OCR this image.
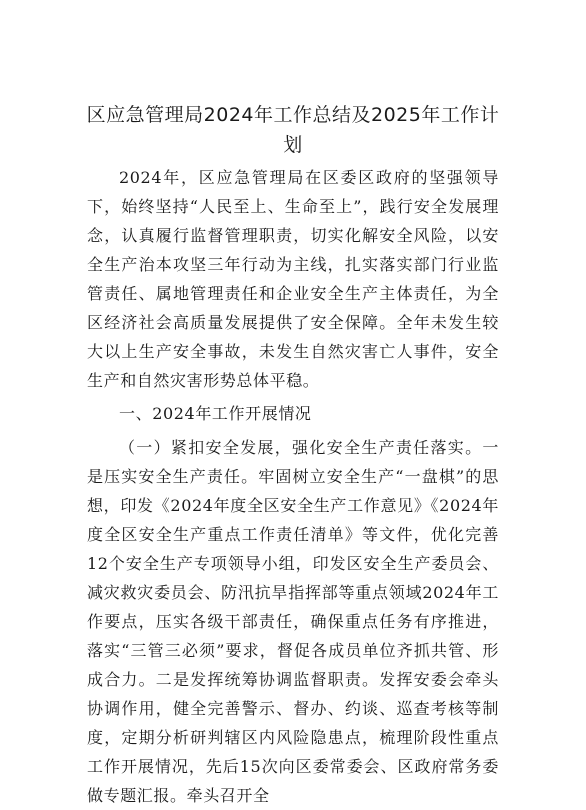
区应急管理局2024年工作总结及2025年工作计划

2024年，区应急管理局在区委区政府的坚强领导下，始终坚持“人民至上、生命至上”，践行安全发展理念，认真履行监督管理职责，切实化解安全风险，以安全生产治本攻坚三年行动为主线，扎实落实部门行业监管责任、属地管理责任和企业安全生产主体责任，为全区经济社会高质量发展提供了安全保障。全年未发生较大以上生产安全事故，未发生自然灾害亡人事件，安全生产和自然灾害形势总体平稳。

一、2024年工作开展情况

（一）紧扣安全发展，强化安全生产责任落实。一是压实安全生产责任。牢固树立安全生产“一盘棋”的思想，印发《2024年度全区安全生产工作意见》《2024年度全区安全生产重点工作责任清单》等文件，优化完善12个安全生产专项领导小组，印发区安全生产委员会、减灾救灾委员会、防汛抗旱指挥部等重点领域2024年工作要点，压实各级干部责任，确保重点任务有序推进，落实“三管三必须”要求，督促各成员单位齐抓共管、形成合力。二是发挥统筹协调监督职责。发挥安委会牵头协调作用，健全完善警示、督办、约谈、巡查考核等制度，定期分析研判辖区内风险隐患点，梳理阶段性重点工作开展情况，先后15次向区委常委会、区政府常务委做专题汇报。牵头召开全
